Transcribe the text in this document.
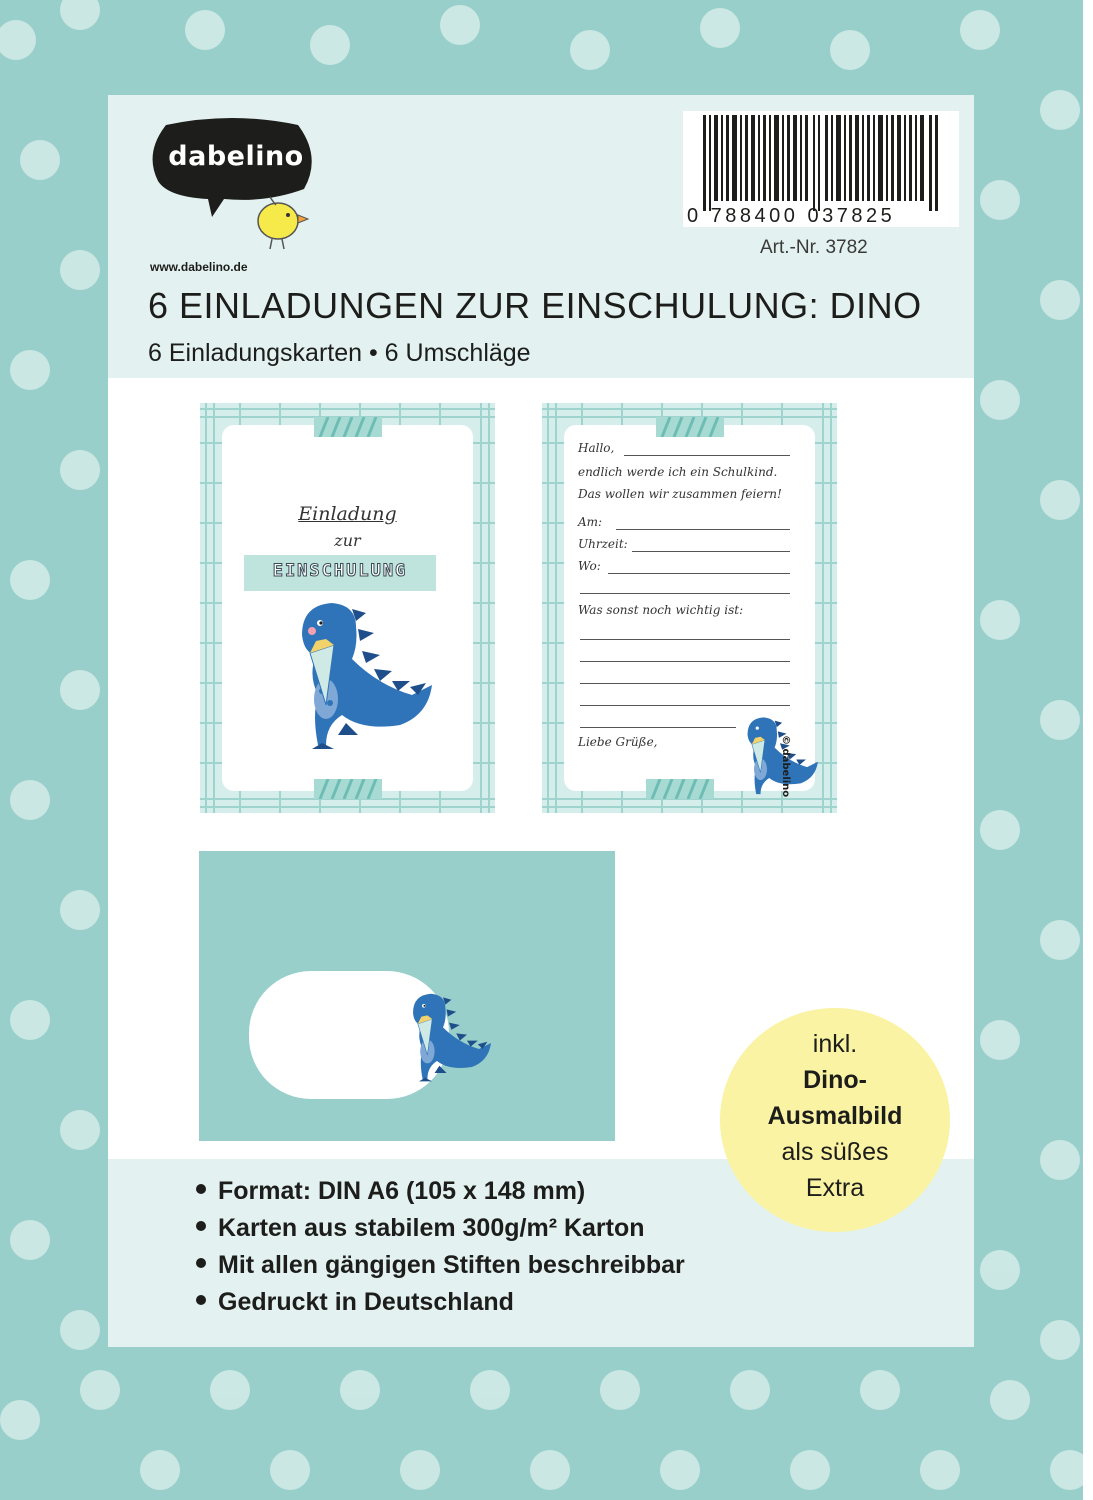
dabelino
www.dabelino.de
0 788400 037825
Art.-Nr. 3782
6 EINLADUNGEN ZUR EINSCHULUNG: DINO
6 Einladungskarten • 6 Umschläge
Einladung
zur
EINSCHULUNG
Hallo,
endlich werde ich ein Schulkind.
Das wollen wir zusammen feiern!
Am:
Uhrzeit:
Wo:
Was sonst noch wichtig ist:
Liebe Grüße,	© dabelino
Format: DIN A6 (105 x 148 mm)
Karten aus stabilem 300g/m² Karton
Mit allen gängigen Stiften beschreibbar
Gedruckt in Deutschland
inkl.
Dino-
Ausmalbild
als süßes
Extra
